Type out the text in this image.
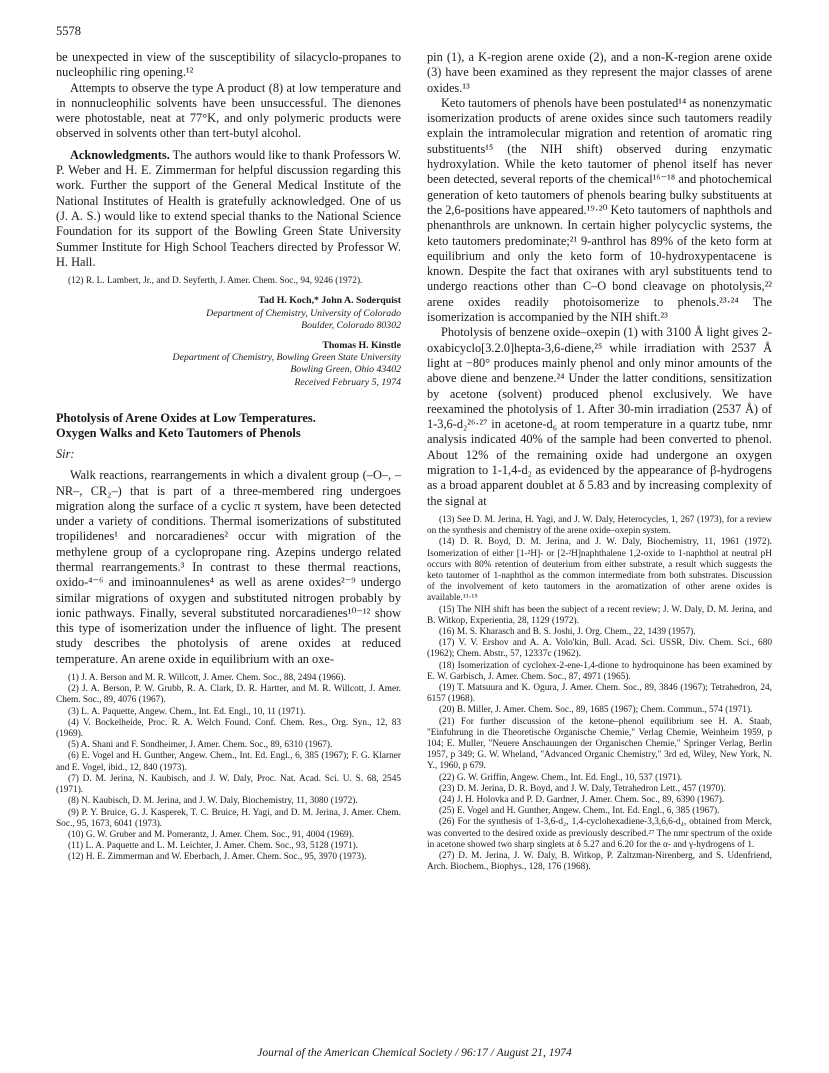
5578

be unexpected in view of the susceptibility of silacyclo-propanes to nucleophilic ring opening.¹²

Attempts to observe the type A product (8) at low temperature and in nonnucleophilic solvents have been unsuccessful. The dienones were photostable, neat at 77°K, and only polymeric products were observed in solvents other than tert-butyl alcohol.

Acknowledgments. The authors would like to thank Professors W. P. Weber and H. E. Zimmerman for helpful discussion regarding this work. Further the support of the General Medical Institute of the National Institutes of Health is gratefully acknowledged. One of us (J. A. S.) would like to extend special thanks to the National Science Foundation for its support of the Bowling Green State University Summer Institute for High School Teachers directed by Professor W. H. Hall.

(12) R. L. Lambert, Jr., and D. Seyferth, J. Amer. Chem. Soc., 94, 9246 (1972).

Tad H. Koch,* John A. Soderquist
Department of Chemistry, University of Colorado
Boulder, Colorado 80302
Thomas H. Kinstle
Department of Chemistry, Bowling Green State University
Bowling Green, Ohio 43402
Received February 5, 1974
Photolysis of Arene Oxides at Low Temperatures.
Oxygen Walks and Keto Tautomers of Phenols
Sir:

Walk reactions, rearrangements in which a divalent group (–O–, –NR–, CR₂–) that is part of a three-membered ring undergoes migration along the surface of a cyclic π system, have been detected under a variety of conditions. Thermal isomerizations of substituted tropilidenes¹ and norcaradienes² occur with migration of the methylene group of a cyclopropane ring. Azepins undergo related thermal rearrangements.³ In contrast to these thermal reactions, oxido-⁴⁻⁶ and iminoannulenes⁴ as well as arene oxides²⁻⁹ undergo similar migrations of oxygen and substituted nitrogen probably by ionic pathways. Finally, several substituted norcaradienes¹⁰⁻¹² show this type of isomerization under the influence of light. The present study describes the photolysis of arene oxides at reduced temperature. An arene oxide in equilibrium with an oxe-

(1) J. A. Berson and M. R. Willcott, J. Amer. Chem. Soc., 88, 2494 (1966).

(2) J. A. Berson, P. W. Grubb, R. A. Clark, D. R. Hartter, and M. R. Willcott, J. Amer. Chem. Soc., 89, 4076 (1967).

(3) L. A. Paquette, Angew. Chem., Int. Ed. Engl., 10, 11 (1971).

(4) V. Bockelheide, Proc. R. A. Welch Found. Conf. Chem. Res., Org. Syn., 12, 83 (1969).

(5) A. Shani and F. Sondheimer, J. Amer. Chem. Soc., 89, 6310 (1967).

(6) E. Vogel and H. Gunther, Angew. Chem., Int. Ed. Engl., 6, 385 (1967); F. G. Klarner and E. Vogel, ibid., 12, 840 (1973).

(7) D. M. Jerina, N. Kaubisch, and J. W. Daly, Proc. Nat. Acad. Sci. U. S. 68, 2545 (1971).

(8) N. Kaubisch, D. M. Jerina, and J. W. Daly, Biochemistry, 11, 3080 (1972).

(9) P. Y. Bruice, G. J. Kasperek, T. C. Bruice, H. Yagi, and D. M. Jerina, J. Amer. Chem. Soc., 95, 1673, 6041 (1973).

(10) G. W. Gruber and M. Pomerantz, J. Amer. Chem. Soc., 91, 4004 (1969).

(11) L. A. Paquette and L. M. Leichter, J. Amer. Chem. Soc., 93, 5128 (1971).

(12) H. E. Zimmerman and W. Eberbach, J. Amer. Chem. Soc., 95, 3970 (1973).

pin (1), a K-region arene oxide (2), and a non-K-region arene oxide (3) have been examined as they represent the major classes of arene oxides.¹³

Keto tautomers of phenols have been postulated¹⁴ as nonenzymatic isomerization products of arene oxides since such tautomers readily explain the intramolecular migration and retention of aromatic ring substituents¹⁵ (the NIH shift) observed during enzymatic hydroxylation. While the keto tautomer of phenol itself has never been detected, several reports of the chemical¹⁶⁻¹⁸ and photochemical generation of keto tautomers of phenols bearing bulky substituents at the 2,6-positions have appeared.¹⁹·²⁰ Keto tautomers of naphthols and phenanthrols are unknown. In certain higher polycyclic systems, the keto tautomers predominate;²¹ 9-anthrol has 89% of the keto form at equilibrium and only the keto form of 10-hydroxypentacene is known. Despite the fact that oxiranes with aryl substituents tend to undergo reactions other than C–O bond cleavage on photolysis,²² arene oxides readily photoisomerize to phenols.²³·²⁴ The isomerization is accompanied by the NIH shift.²³

Photolysis of benzene oxide–oxepin (1) with 3100 Å light gives 2-oxabicyclo[3.2.0]hepta-3,6-diene,²⁵ while irradiation with 2537 Å light at −80° produces mainly phenol and only minor amounts of the above diene and benzene.²⁴ Under the latter conditions, sensitization by acetone (solvent) produced phenol exclusively. We have reexamined the photolysis of 1. After 30-min irradiation (2537 Å) of 1-3,6-d₂²⁶·²⁷ in acetone-d₆ at room temperature in a quartz tube, nmr analysis indicated 40% of the sample had been converted to phenol. About 12% of the remaining oxide had undergone an oxygen migration to 1-1,4-d₂ as evidenced by the appearance of β-hydrogens as a broad apparent doublet at δ 5.83 and by increasing complexity of the signal at

(13) See D. M. Jerina, H. Yagi, and J. W. Daly, Heterocycles, 1, 267 (1973), for a review on the synthesis and chemistry of the arene oxide–oxepin system.

(14) D. R. Boyd, D. M. Jerina, and J. W. Daly, Biochemistry, 11, 1961 (1972). Isomerization of either [1-²H]- or [2-²H]naphthalene 1,2-oxide to 1-naphthol at neutral pH occurs with 80% retention of deuterium from either substrate, a result which suggests the keto tautomer of 1-naphthol as the common intermediate from both substrates. Discussion of the involvement of keto tautomers in the aromatization of other arene oxides is available.¹³·¹⁵

(15) The NIH shift has been the subject of a recent review; J. W. Daly, D. M. Jerina, and B. Witkop, Experientia, 28, 1129 (1972).

(16) M. S. Kharasch and B. S. Joshi, J. Org. Chem., 22, 1439 (1957).

(17) V. V. Ershov and A. A. Volo'kin, Bull. Acad. Sci. USSR, Div. Chem. Sci., 680 (1962); Chem. Abstr., 57, 12337c (1962).

(18) Isomerization of cyclohex-2-ene-1,4-dione to hydroquinone has been examined by E. W. Garbisch, J. Amer. Chem. Soc., 87, 4971 (1965).

(19) T. Matsuura and K. Ogura, J. Amer. Chem. Soc., 89, 3846 (1967); Tetrahedron, 24, 6157 (1968).

(20) B. Miller, J. Amer. Chem. Soc., 89, 1685 (1967); Chem. Commun., 574 (1971).

(21) For further discussion of the ketone–phenol equilibrium see H. A. Staab, "Einfuhrung in die Theoretische Organische Chemie," Verlag Chemie, Weinheim 1959, p 104; E. Muller, "Neuere Anschauungen der Organischen Chemie," Springer Verlag, Berlin 1957, p 349; G. W. Wheland, "Advanced Organic Chemistry," 3rd ed, Wiley, New York, N. Y., 1960, p 679.

(22) G. W. Griffin, Angew. Chem., Int. Ed. Engl., 10, 537 (1971).

(23) D. M. Jerina, D. R. Boyd, and J. W. Daly, Tetrahedron Lett., 457 (1970).

(24) J. H. Holovka and P. D. Gardner, J. Amer. Chem. Soc., 89, 6390 (1967).

(25) E. Vogel and H. Gunther, Angew. Chem., Int. Ed. Engl., 6, 385 (1967).

(26) For the synthesis of 1-3,6-d₂, 1,4-cyclohexadiene-3,3,6,6-d₄, obtained from Merck, was converted to the desired oxide as previously described.²⁷ The nmr spectrum of the oxide in acetone showed two sharp singlets at δ 5.27 and 6.20 for the α- and γ-hydrogens of 1.

(27) D. M. Jerina, J. W. Daly, B. Witkop, P. Zaltzman-Nirenberg, and S. Udenfriend, Arch. Biochem., Biophys., 128, 176 (1968).

Journal of the American Chemical Society / 96:17 / August 21, 1974
